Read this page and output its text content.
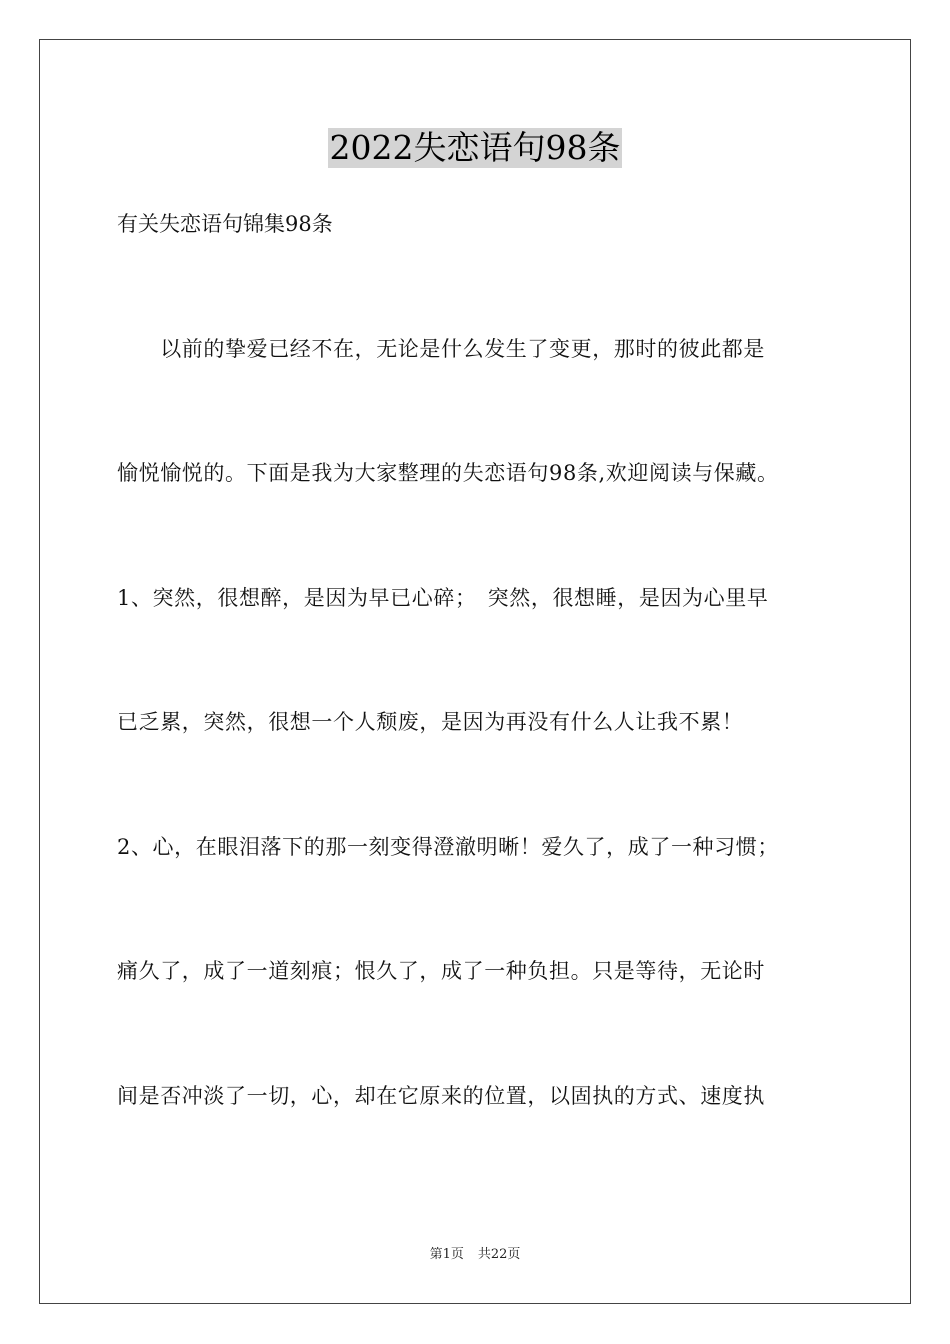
2022失恋语句98条
有关失恋语句锦集98条
　　以前的挚爱已经不在，无论是什么发生了变更，那时的彼此都是
愉悦愉悦的。下面是我为大家整理的失恋语句98条,欢迎阅读与保藏。
1、突然，很想醉，是因为早已心碎；　突然，很想睡，是因为心里早
已乏累，突然，很想一个人颓废，是因为再没有什么人让我不累！
2、心，在眼泪落下的那一刻变得澄澈明晰！爱久了，成了一种习惯；
痛久了，成了一道刻痕；恨久了，成了一种负担。只是等待，无论时
间是否冲淡了一切，心，却在它原来的位置，以固执的方式、速度执
第1页 共22页
